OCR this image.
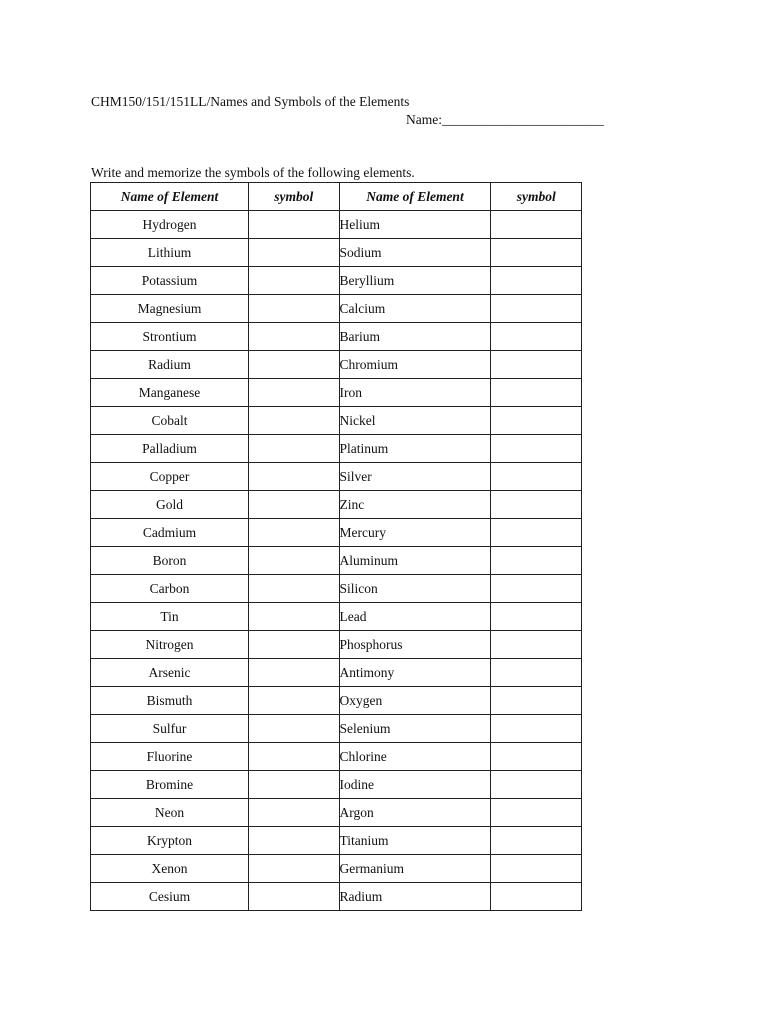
CHM150/151/151LL/Names and Symbols of the Elements
Name:________________________
Write and memorize the symbols of the following elements.
Name of Element	symbol	Name of Element	symbol
Hydrogen		Helium	
Lithium		Sodium	
Potassium		Beryllium	
Magnesium		Calcium	
Strontium		Barium	
Radium		Chromium	
Manganese		Iron	
Cobalt		Nickel	
Palladium		Platinum	
Copper		Silver	
Gold		Zinc	
Cadmium		Mercury	
Boron		Aluminum	
Carbon		Silicon	
Tin		Lead	
Nitrogen		Phosphorus	
Arsenic		Antimony	
Bismuth		Oxygen	
Sulfur		Selenium	
Fluorine		Chlorine	
Bromine		Iodine	
Neon		Argon	
Krypton		Titanium	
Xenon		Germanium	
Cesium		Radium	
